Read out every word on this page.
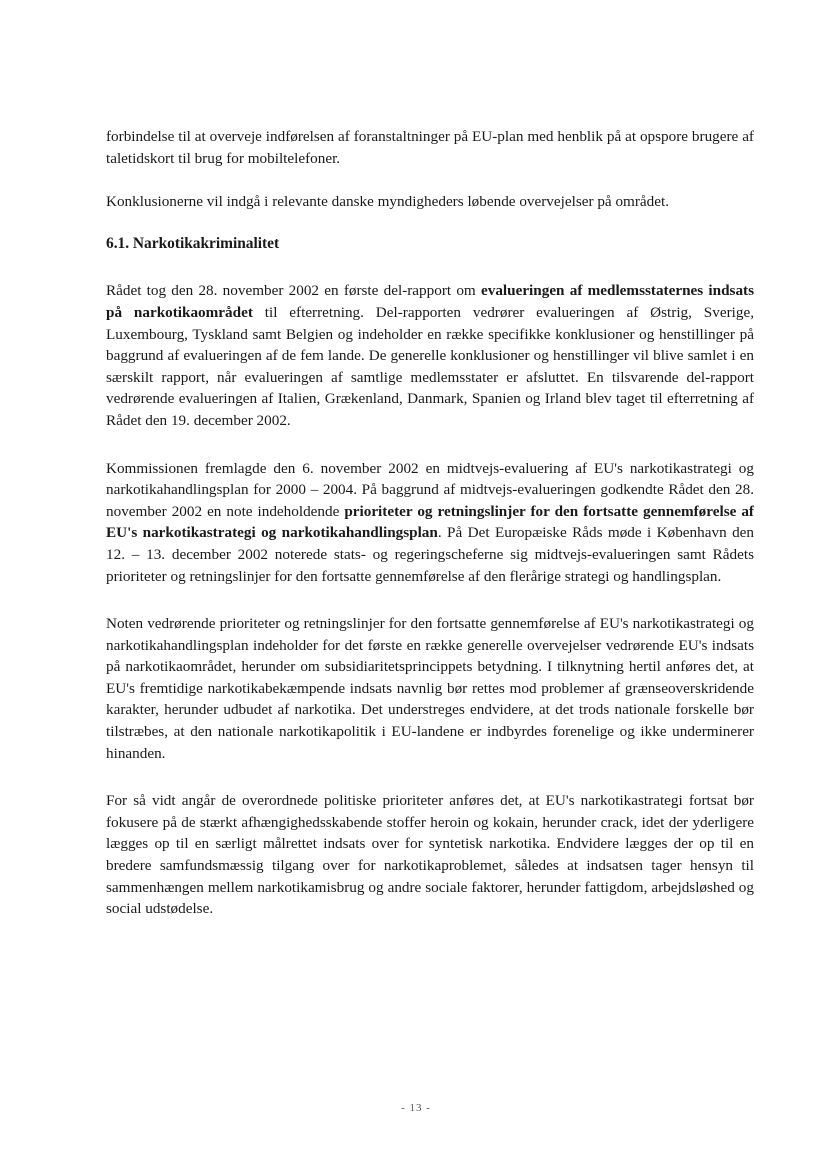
forbindelse til at overveje indførelsen af foranstaltninger på EU-plan med henblik på at opspore brugere af taletidskort til brug for mobiltelefoner.

Konklusionerne vil indgå i relevante danske myndigheders løbende overvejelser på området.

6.1. Narkotikakriminalitet

Rådet tog den 28. november 2002 en første del-rapport om evalueringen af medlemsstaternes indsats på narkotikaområdet til efterretning. Del-rapporten vedrører evalueringen af Østrig, Sverige, Luxembourg, Tyskland samt Belgien og indeholder en række specifikke konklusioner og henstillinger på baggrund af evalueringen af de fem lande. De generelle konklusioner og henstillinger vil blive samlet i en særskilt rapport, når evalueringen af samtlige medlemsstater er afsluttet. En tilsvarende del-rapport vedrørende evalueringen af Italien, Grækenland, Danmark, Spanien og Irland blev taget til efterretning af Rådet den 19. december 2002.

Kommissionen fremlagde den 6. november 2002 en midtvejs-evaluering af EU's narkotikastrategi og narkotikahandlingsplan for 2000 – 2004. På baggrund af midtvejs-evalueringen godkendte Rådet den 28. november 2002 en note indeholdende prioriteter og retningslinjer for den fortsatte gennemførelse af EU's narkotikastrategi og narkotikahandlingsplan. På Det Europæiske Råds møde i København den 12. – 13. december 2002 noterede stats- og regeringscheferne sig midtvejs-evalueringen samt Rådets prioriteter og retningslinjer for den fortsatte gennemførelse af den flerårige strategi og handlingsplan.

Noten vedrørende prioriteter og retningslinjer for den fortsatte gennemførelse af EU's narkotikastrategi og narkotikahandlingsplan indeholder for det første en række generelle overvejelser vedrørende EU's indsats på narkotikaområdet, herunder om subsidiaritetsprincippets betydning. I tilknytning hertil anføres det, at EU's fremtidige narkotikabekæmpende indsats navnlig bør rettes mod problemer af grænseoverskridende karakter, herunder udbudet af narkotika. Det understreges endvidere, at det trods nationale forskelle bør tilstræbes, at den nationale narkotikapolitik i EU-landene er indbyrdes forenelige og ikke underminerer hinanden.

For så vidt angår de overordnede politiske prioriteter anføres det, at EU's narkotikastrategi fortsat bør fokusere på de stærkt afhængighedsskabende stoffer heroin og kokain, herunder crack, idet der yderligere lægges op til en særligt målrettet indsats over for syntetisk narkotika. Endvidere lægges der op til en bredere samfundsmæssig tilgang over for narkotikaproblemet, således at indsatsen tager hensyn til sammenhængen mellem narkotikamisbrug og andre sociale faktorer, herunder fattigdom, arbejdsløshed og social udstødelse.

- 13 -
